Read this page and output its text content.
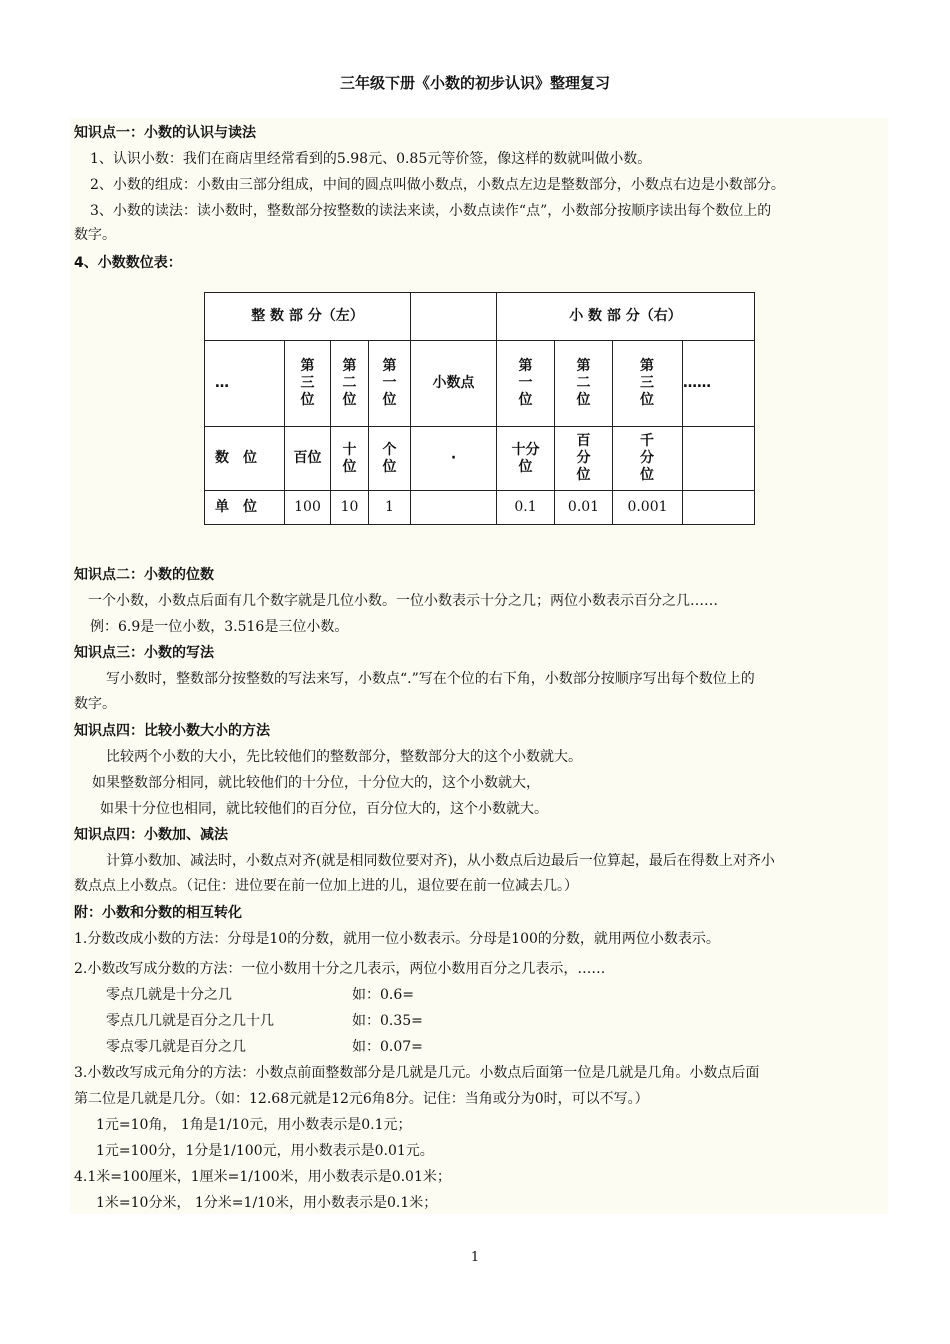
三年级下册《小数的初步认识》整理复习
知识点一：小数的认识与读法
1、认识小数：我们在商店里经常看到的5.98元、0.85元等价签，像这样的数就叫做小数。
2、小数的组成：小数由三部分组成，中间的圆点叫做小数点，小数点左边是整数部分，小数点右边是小数部分。
3、小数的读法：读小数时，整数部分按整数的读法来读，小数点读作“点”，小数部分按顺序读出每个数位上的
数字。
4、小数数位表：
知识点二：小数的位数
一个小数，小数点后面有几个数字就是几位小数。一位小数表示十分之几；两位小数表示百分之几……
例：6.9是一位小数，3.516是三位小数。
知识点三：小数的写法
写小数时，整数部分按整数的写法来写，小数点“.”写在个位的右下角，小数部分按顺序写出每个数位上的
数字。
知识点四：比较小数大小的方法
比较两个小数的大小，先比较他们的整数部分，整数部分大的这个小数就大。
如果整数部分相同，就比较他们的十分位，十分位大的，这个小数就大，
如果十分位也相同，就比较他们的百分位，百分位大的，这个小数就大。
知识点四：小数加、减法
计算小数加、减法时，小数点对齐(就是相同数位要对齐)，从小数点后边最后一位算起，最后在得数上对齐小
数点点上小数点。（记住：进位要在前一位加上进的儿，退位要在前一位减去几。）
附：小数和分数的相互转化
1.分数改成小数的方法：分母是10的分数，就用一位小数表示。分母是100的分数，就用两位小数表示。
2.小数改写成分数的方法：一位小数用十分之几表示，两位小数用百分之几表示，……
零点几就是十分之几	如：0.6=
零点几几就是百分之几十几	如：0.35=
零点零几就是百分之几	如：0.07=
3.小数改写成元角分的方法：小数点前面整数部分是几就是几元。小数点后面第一位是几就是几角。小数点后面
第二位是几就是几分。（如：12.68元就是12元6角8分。记住：当角或分为0时，可以不写。）
1元=10角， 1角是1/10元，用小数表示是0.1元；
1元=100分，1分是1/100元，用小数表示是0.01元。
4.1米=100厘米，1厘米=1/100米，用小数表示是0.01米；
1米=10分米， 1分米=1/10米，用小数表示是0.1米；
整 数 部 分（左）					小 数 部 分（右）			
…	第三位	第二位	第一位	小数点	第一位	第二位	第三位	……
数　位	百位	十位	个位	·	十分位	百分位	千分位	
单　位	100	10	1		0.1	0.01	0.001	
1
